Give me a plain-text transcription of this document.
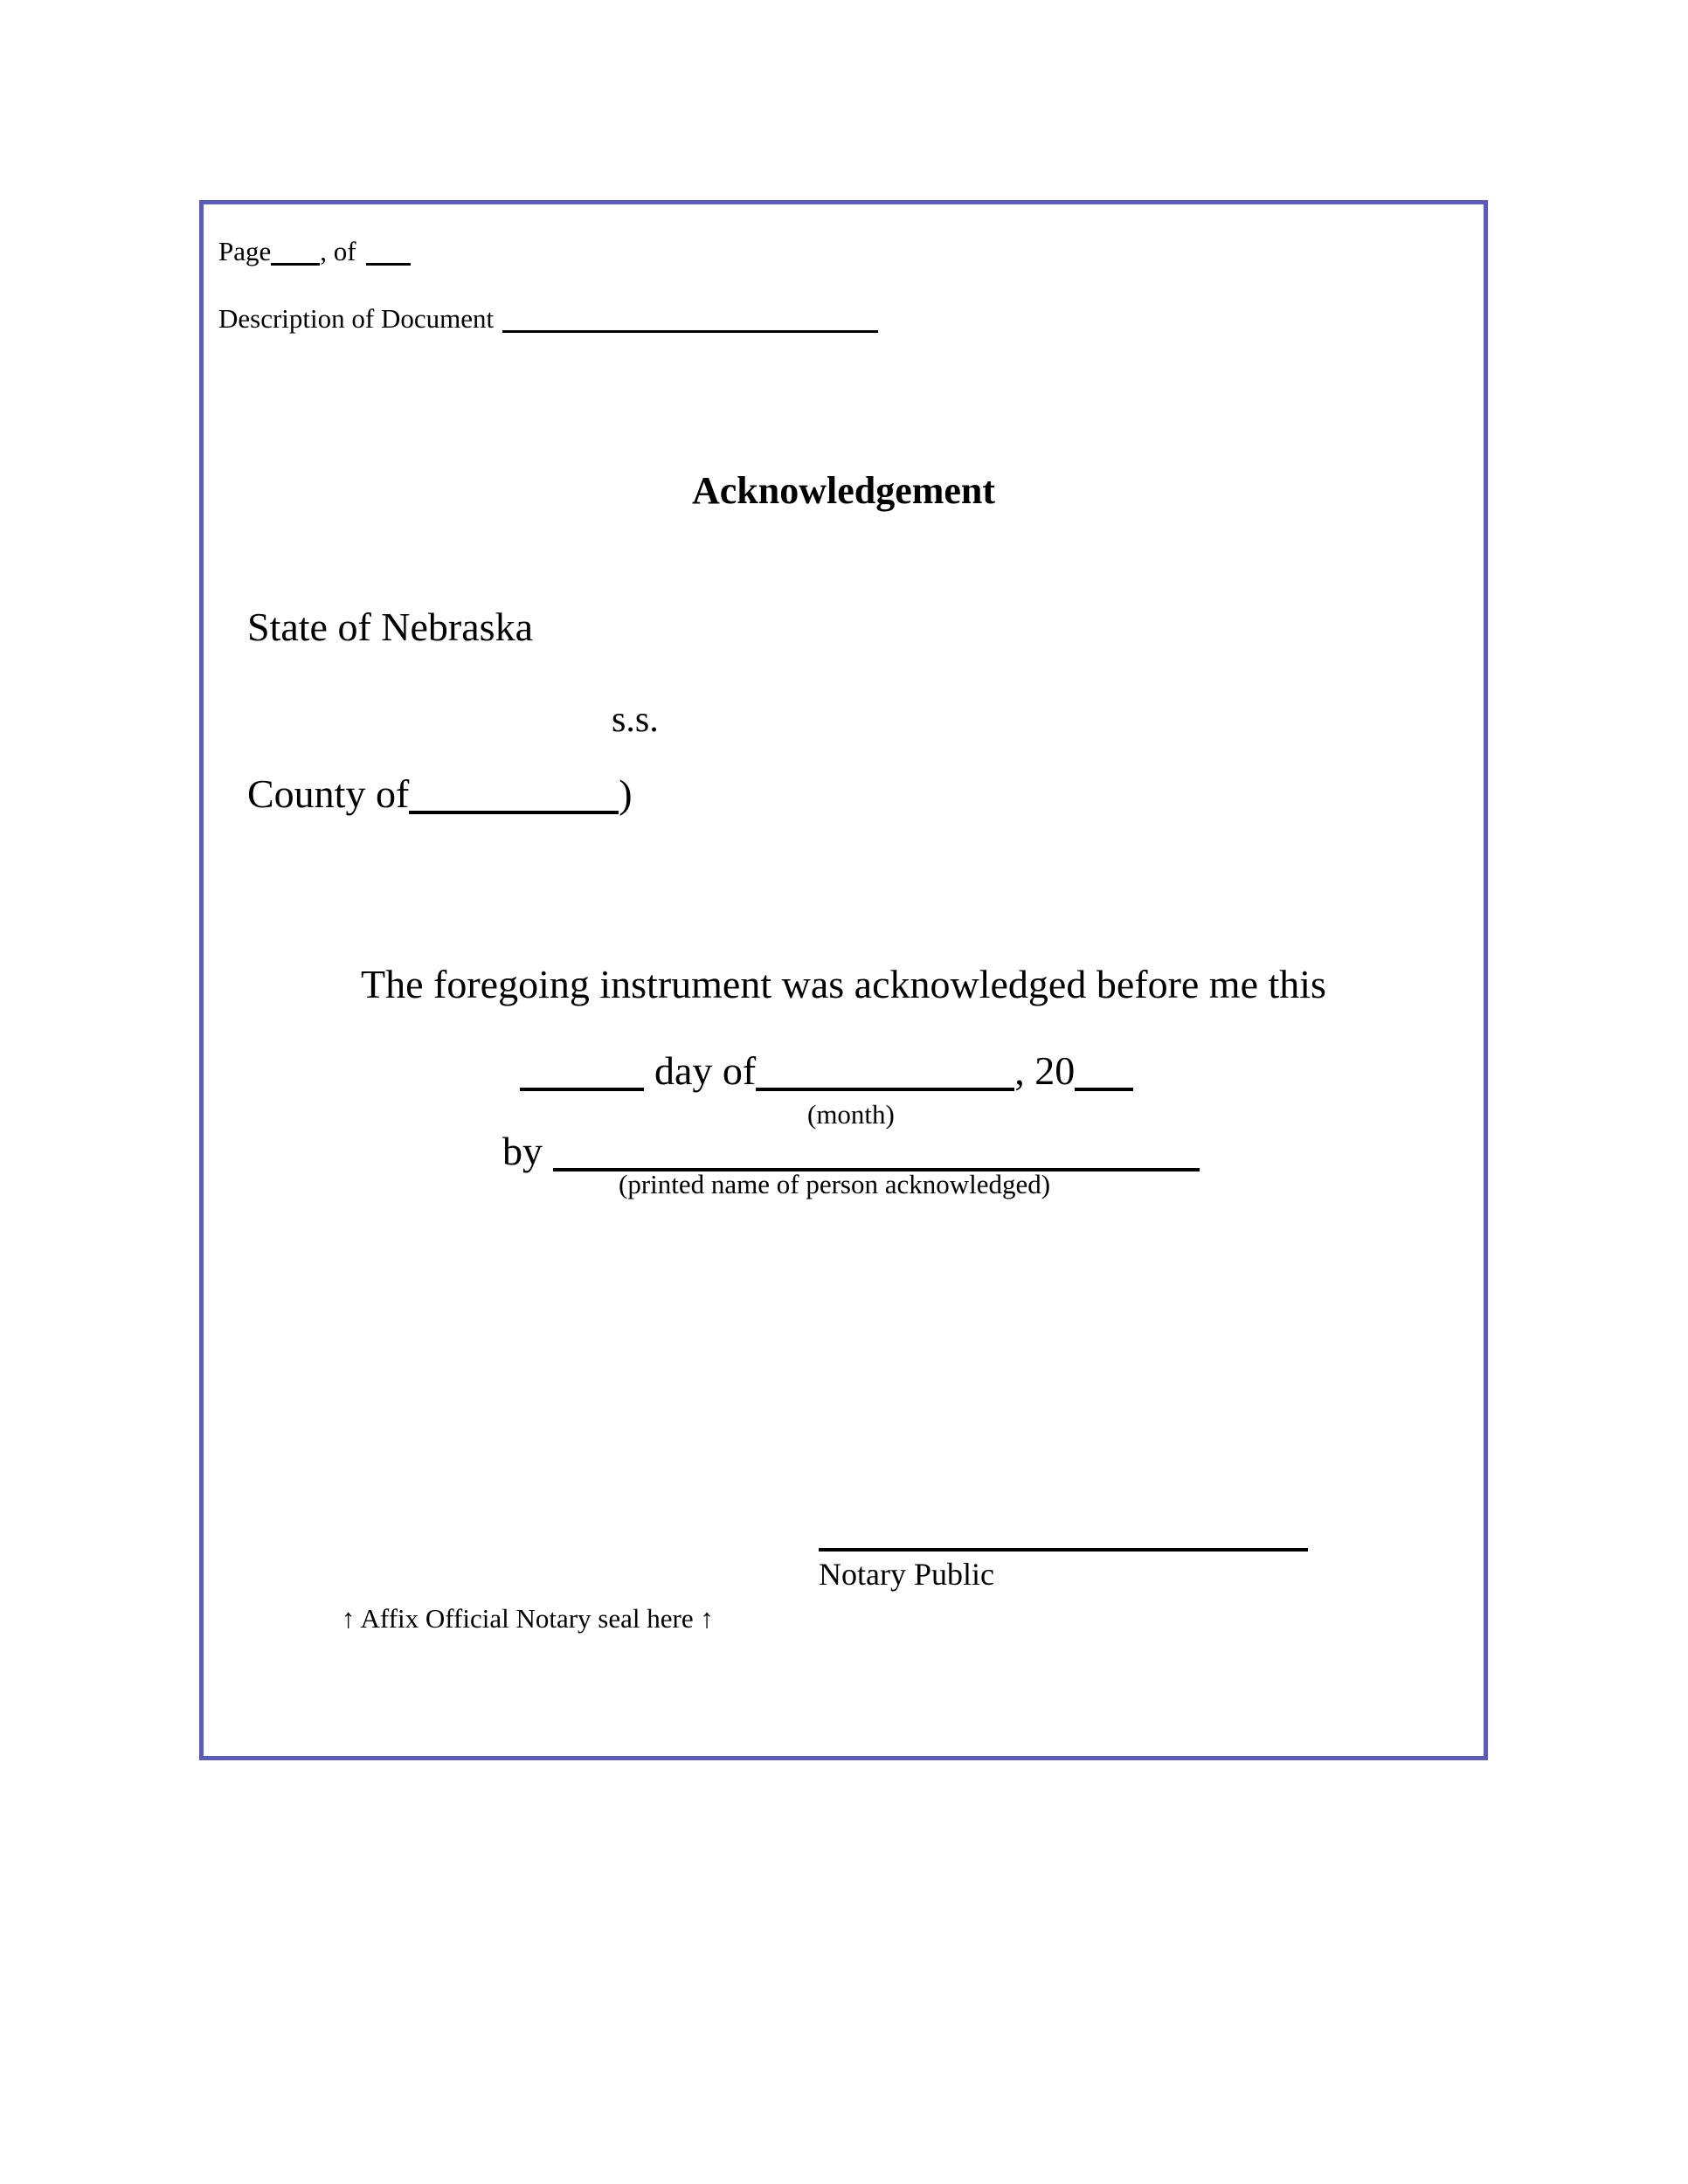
Page , of
Description of Document
Acknowledgement
State of Nebraska
s.s.
County of	)
The foregoing instrument was acknowledged before me this
day of	, 20
(month)
by
(printed name of person acknowledged)
Notary Public
↑ Affix Official Notary seal here ↑
